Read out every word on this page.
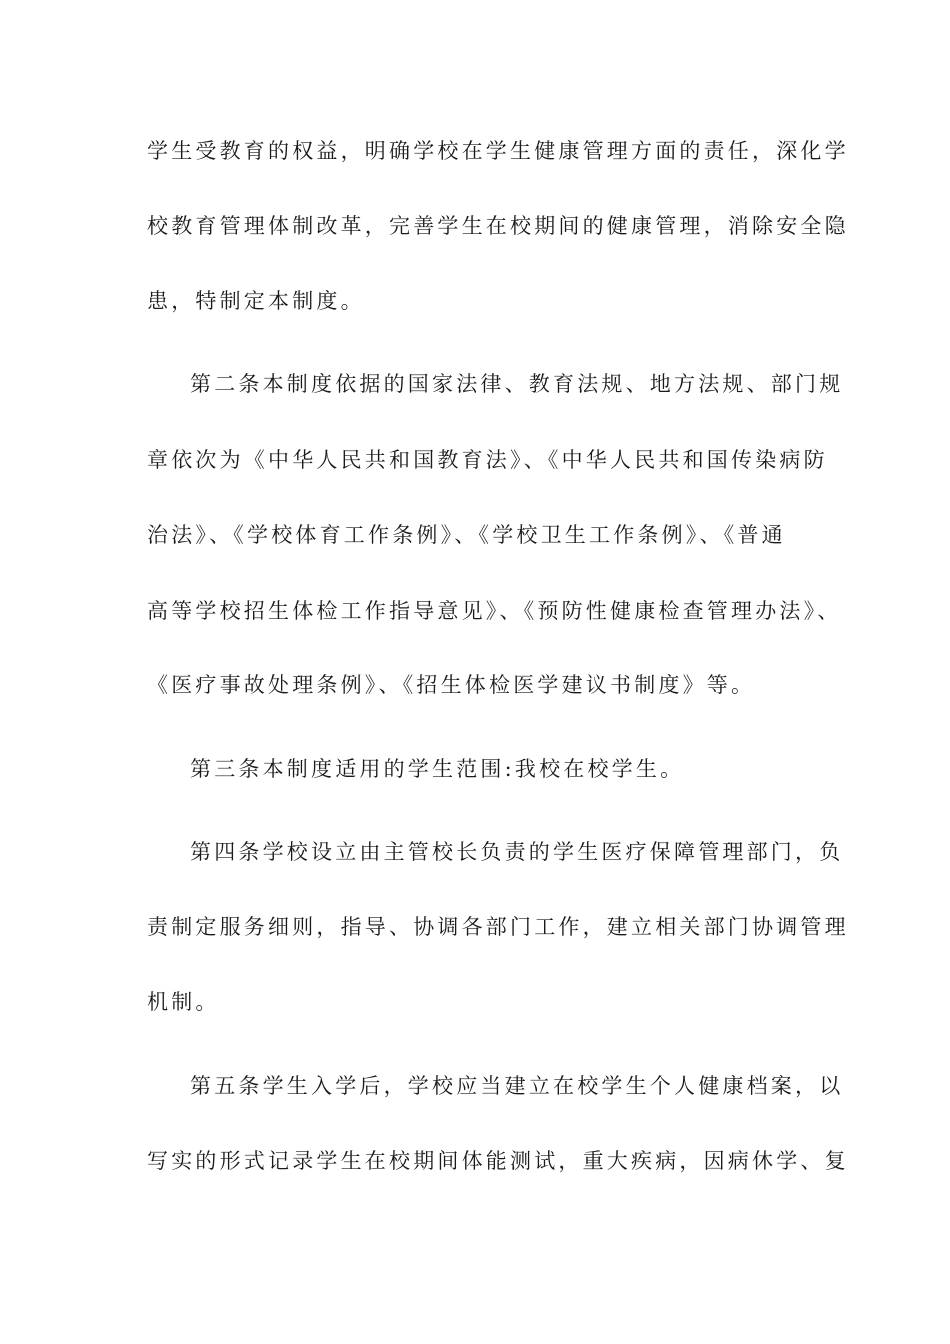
学生受教育的权益，明确学校在学生健康管理方面的责任，深化学
校教育管理体制改革，完善学生在校期间的健康管理，消除安全隐
患，特制定本制度。
第二条本制度依据的国家法律、教育法规、地方法规、部门规
章依次为《中华人民共和国教育法》、《中华人民共和国传染病防
治法》、《学校体育工作条例》、《学校卫生工作条例》、《普通
高等学校招生体检工作指导意见》、《预防性健康检查管理办法》、
《医疗事故处理条例》、《招生体检医学建议书制度》等。
第三条本制度适用的学生范围:我校在校学生。
第四条学校设立由主管校长负责的学生医疗保障管理部门，负
责制定服务细则，指导、协调各部门工作，建立相关部门协调管理
机制。
第五条学生入学后，学校应当建立在校学生个人健康档案，以
写实的形式记录学生在校期间体能测试，重大疾病，因病休学、复
